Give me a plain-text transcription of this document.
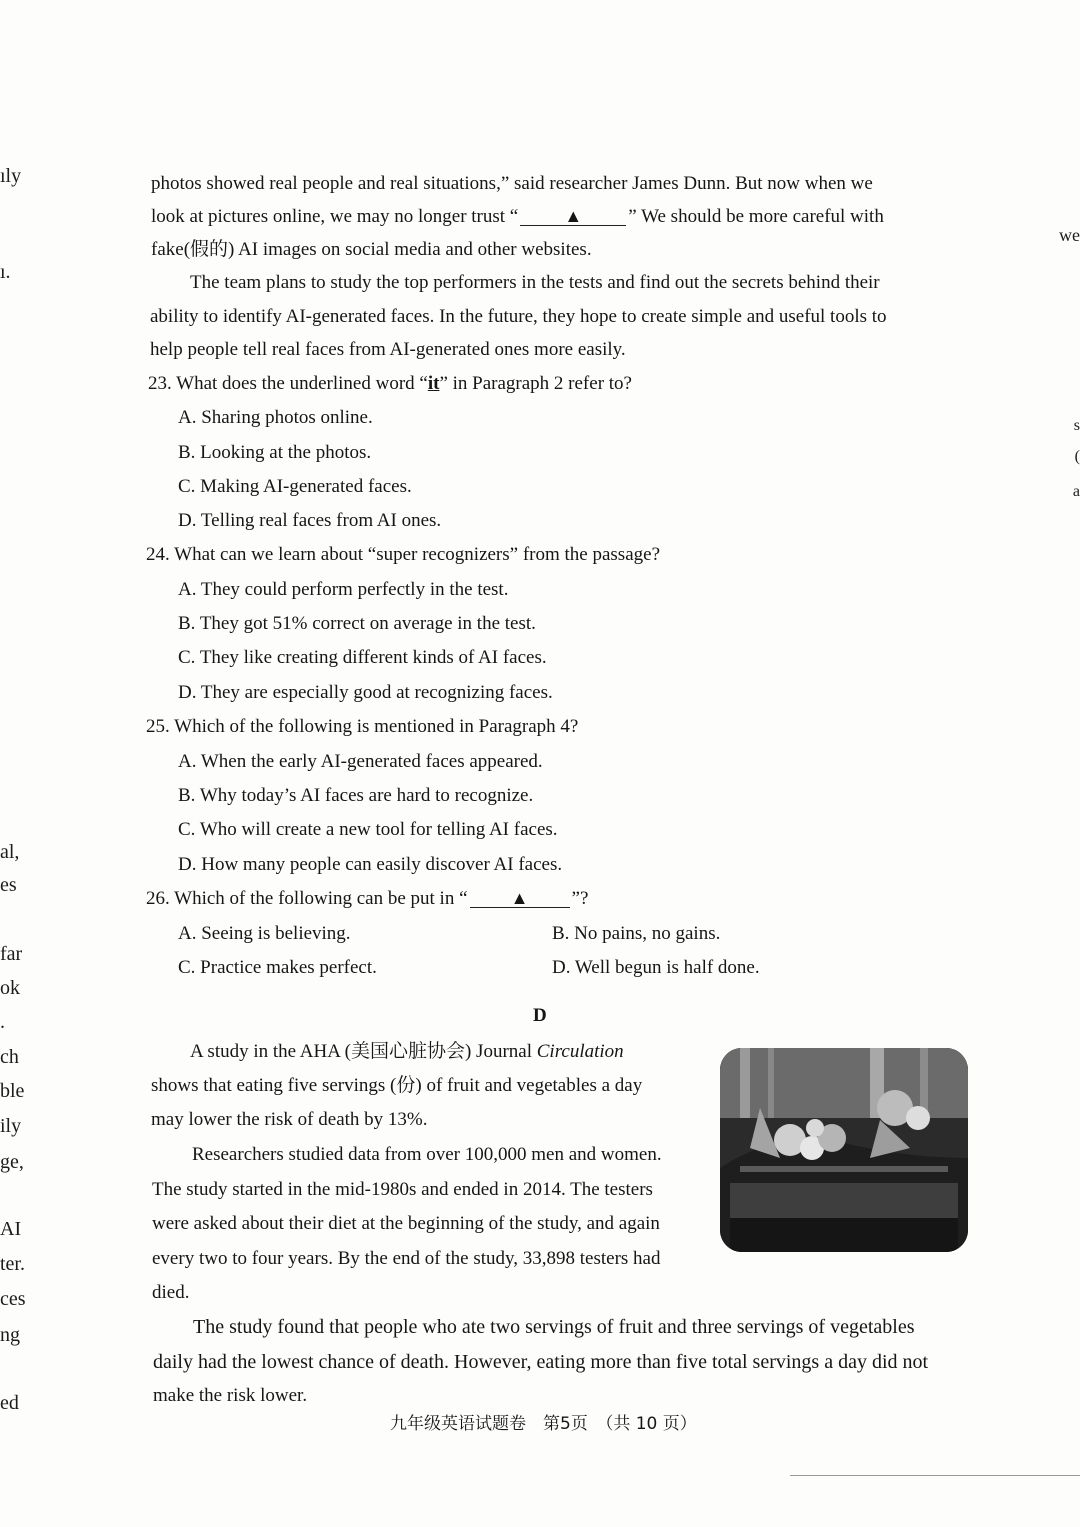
ıly
ı.
al,
es
far
ok
.
ch
ble
ily
ge,
AI
ter.
ces
ng
ed
we
s
(
a
photos showed real people and real situations,” said researcher James Dunn. But now when we
look at pictures online, we may no longer trust “	▲ ” We should be more careful with
fake(假的) AI images on social media and other websites.
The team plans to study the top performers in the tests and find out the secrets behind their
ability to identify AI-generated faces. In the future, they hope to create simple and useful tools to
help people tell real faces from AI-generated ones more easily.
23. What does the underlined word “it” in Paragraph 2 refer to?
A. Sharing photos online.
B. Looking at the photos.
C. Making AI-generated faces.
D. Telling real faces from AI ones.
24. What can we learn about “super recognizers” from the passage?
A. They could perform perfectly in the test.
B. They got 51% correct on average in the test.
C. They like creating different kinds of AI faces.
D. They are especially good at recognizing faces.
25. Which of the following is mentioned in Paragraph 4?
A. When the early AI-generated faces appeared.
B. Why today’s AI faces are hard to recognize.
C. Who will create a new tool for telling AI faces.
D. How many people can easily discover AI faces.
26. Which of the following can be put in “ ▲ ”?
A. Seeing is believing.	B. No pains, no gains.
C. Practice makes perfect.	D. Well begun is half done.
D
A study in the AHA (美国心脏协会) Journal Circulation
shows that eating five servings (份) of fruit and vegetables a day
may lower the risk of death by 13%.
Researchers studied data from over 100,000 men and women.
The study started in the mid-1980s and ended in 2014. The testers
were asked about their diet at the beginning of the study, and again
every two to four years. By the end of the study, 33,898 testers had
died.
The study found that people who ate two servings of fruit and three servings of vegetables
daily had the lowest chance of death. However, eating more than five total servings a day did not
make the risk lower.
九年级英语试题卷　第5页　（共 10 页）
